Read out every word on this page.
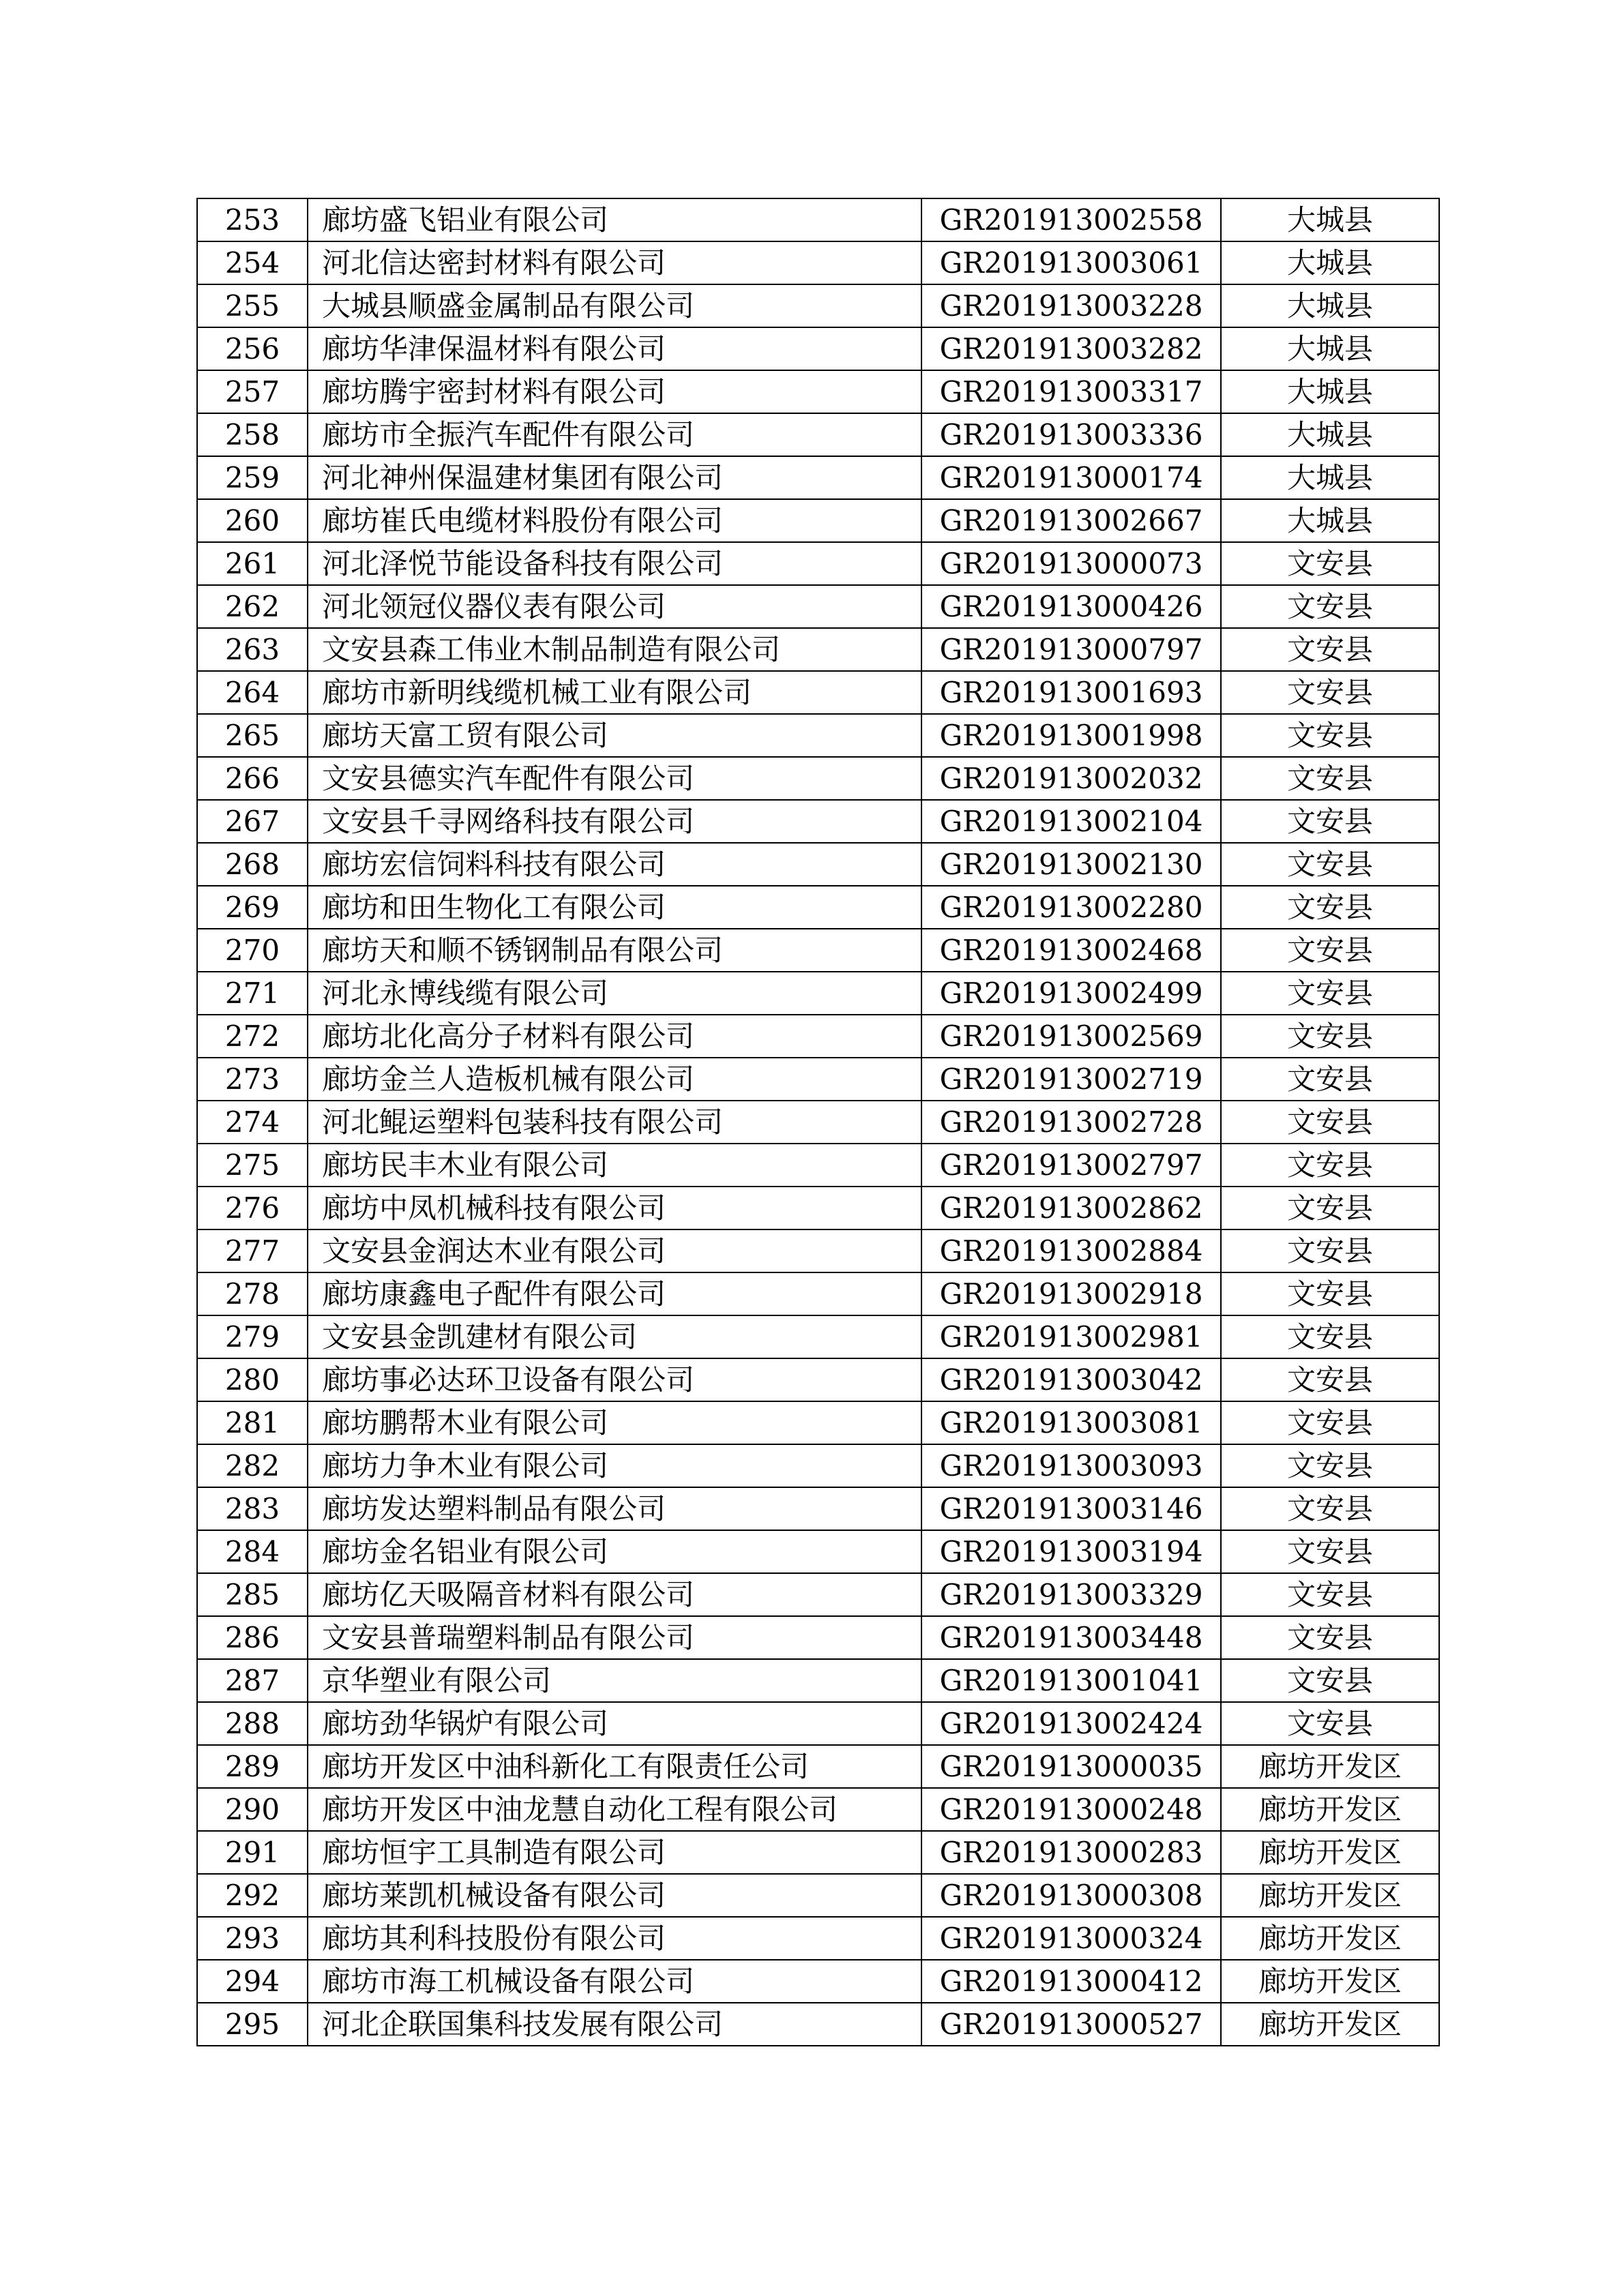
253	廊坊盛飞铝业有限公司	GR201913002558	大城县
254	河北信达密封材料有限公司	GR201913003061	大城县
255	大城县顺盛金属制品有限公司	GR201913003228	大城县
256	廊坊华津保温材料有限公司	GR201913003282	大城县
257	廊坊腾宇密封材料有限公司	GR201913003317	大城县
258	廊坊市全振汽车配件有限公司	GR201913003336	大城县
259	河北神州保温建材集团有限公司	GR201913000174	大城县
260	廊坊崔氏电缆材料股份有限公司	GR201913002667	大城县
261	河北泽悦节能设备科技有限公司	GR201913000073	文安县
262	河北领冠仪器仪表有限公司	GR201913000426	文安县
263	文安县森工伟业木制品制造有限公司	GR201913000797	文安县
264	廊坊市新明线缆机械工业有限公司	GR201913001693	文安县
265	廊坊天富工贸有限公司	GR201913001998	文安县
266	文安县德实汽车配件有限公司	GR201913002032	文安县
267	文安县千寻网络科技有限公司	GR201913002104	文安县
268	廊坊宏信饲料科技有限公司	GR201913002130	文安县
269	廊坊和田生物化工有限公司	GR201913002280	文安县
270	廊坊天和顺不锈钢制品有限公司	GR201913002468	文安县
271	河北永博线缆有限公司	GR201913002499	文安县
272	廊坊北化高分子材料有限公司	GR201913002569	文安县
273	廊坊金兰人造板机械有限公司	GR201913002719	文安县
274	河北鲲运塑料包装科技有限公司	GR201913002728	文安县
275	廊坊民丰木业有限公司	GR201913002797	文安县
276	廊坊中凤机械科技有限公司	GR201913002862	文安县
277	文安县金润达木业有限公司	GR201913002884	文安县
278	廊坊康鑫电子配件有限公司	GR201913002918	文安县
279	文安县金凯建材有限公司	GR201913002981	文安县
280	廊坊事必达环卫设备有限公司	GR201913003042	文安县
281	廊坊鹏帮木业有限公司	GR201913003081	文安县
282	廊坊力争木业有限公司	GR201913003093	文安县
283	廊坊发达塑料制品有限公司	GR201913003146	文安县
284	廊坊金名铝业有限公司	GR201913003194	文安县
285	廊坊亿天吸隔音材料有限公司	GR201913003329	文安县
286	文安县普瑞塑料制品有限公司	GR201913003448	文安县
287	京华塑业有限公司	GR201913001041	文安县
288	廊坊劲华锅炉有限公司	GR201913002424	文安县
289	廊坊开发区中油科新化工有限责任公司	GR201913000035	廊坊开发区
290	廊坊开发区中油龙慧自动化工程有限公司	GR201913000248	廊坊开发区
291	廊坊恒宇工具制造有限公司	GR201913000283	廊坊开发区
292	廊坊莱凯机械设备有限公司	GR201913000308	廊坊开发区
293	廊坊其利科技股份有限公司	GR201913000324	廊坊开发区
294	廊坊市海工机械设备有限公司	GR201913000412	廊坊开发区
295	河北企联国集科技发展有限公司	GR201913000527	廊坊开发区
